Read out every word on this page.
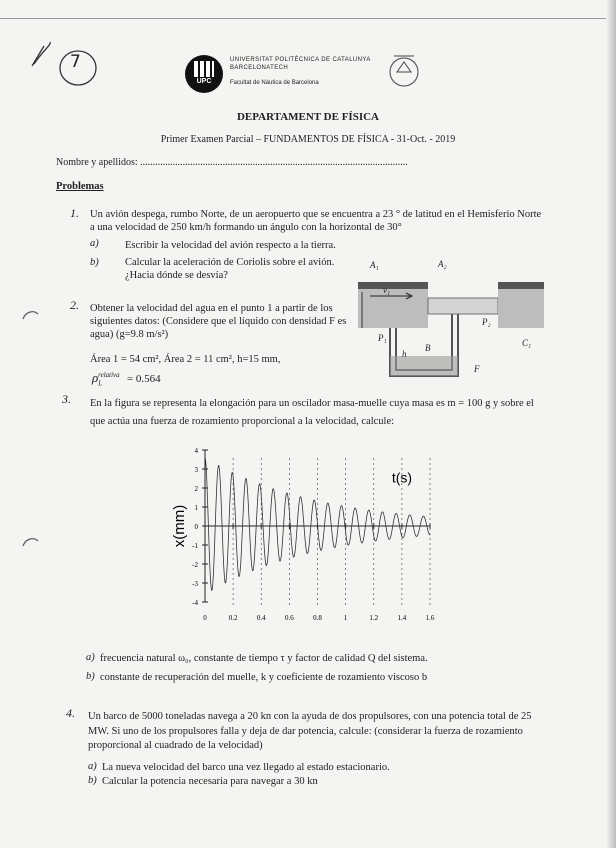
7
UPC
UNIVERSITAT POLITÈCNICA DE CATALUNYA
BARCELONATECH
Facultat de Nàutica de Barcelona
DEPARTAMENT DE FÍSICA
Primer Examen Parcial – FUNDAMENTOS DE FÍSICA - 31-Oct. - 2019
Nombre y apellidos: ...........................................................................................................
Problemas
1. Un avión despega, rumbo Norte, de un aeropuerto que se encuentra a 23 ° de latitud en el Hemisferio Norte
a una velocidad de 250 km/h formando un ángulo con la horizontal de 30°
a)	Escribir la velocidad del avión respecto a la tierra.
b)	Calcular la aceleración de Coriolis sobre el avión.
¿Hacia dónde se desvía?
2. Obtener la velocidad del agua en el punto 1 a partir de los
siguientes datos: (Considere que el líquido con densidad F es
agua) (g=9.8 m/s²)
Área 1 = 54 cm², Área 2 = 11 cm², h=15 mm,
$\rho_L^{relativa} = 0.564$
A₁	A₂
v₁
P₁
P₂
C₁
B
h
F
3. En la figura se representa la elongación para un oscilador masa-muelle cuya masa es m = 100 g y sobre el
que actúa una fuerza de rozamiento proporcional a la velocidad, calcule:
4
3
2
1
0
-1
-2
-3
-4
0	0.2	0.4	0.6	0.8	1	1.2	1.4	1.6
t(s)
x(mm)
a) frecuencia natural ω₀, constante de tiempo τ y factor de calidad Q del sistema.
b) constante de recuperación del muelle, k y coeficiente de rozamiento viscoso b
4. Un barco de 5000 toneladas navega a 20 kn con la ayuda de dos propulsores, con una potencia total de 25
MW. Si uno de los propulsores falla y deja de dar potencia, calcule: (considerar la fuerza de rozamiento
proporcional al cuadrado de la velocidad)
a) La nueva velocidad del barco una vez llegado al estado estacionario.
b) Calcular la potencia necesaria para navegar a 30 kn
